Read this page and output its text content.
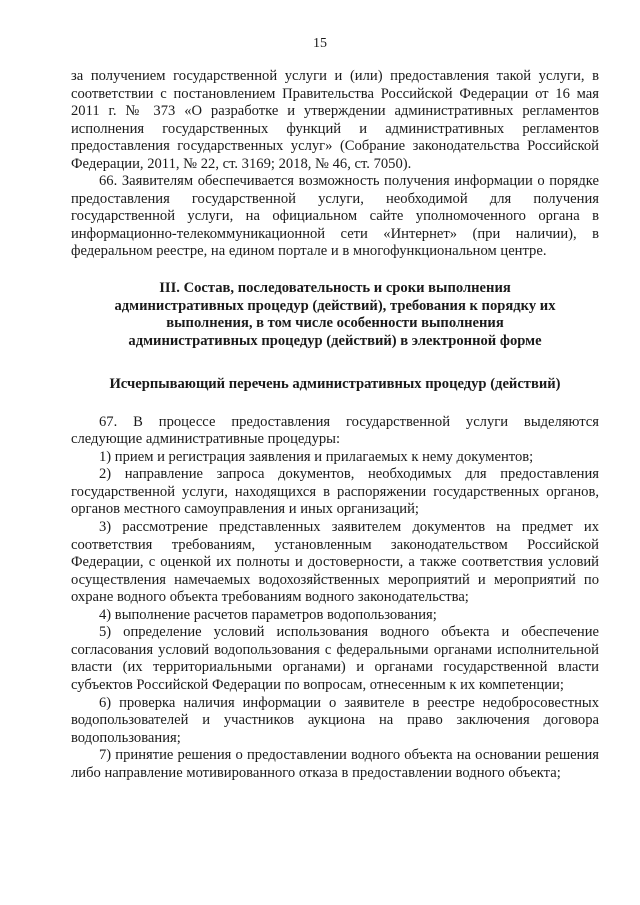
15

за получением государственной услуги и (или) предоставления такой услуги, в соответствии с постановлением Правительства Российской Федерации от 16 мая 2011 г. № 373 «О разработке и утверждении административных регламентов исполнения государственных функций и административных регламентов предоставления государственных услуг» (Собрание законодательства Российской Федерации, 2011, № 22, ст. 3169; 2018, № 46, ст. 7050).

66. Заявителям обеспечивается возможность получения информации о порядке предоставления государственной услуги, необходимой для получения государственной услуги, на официальном сайте уполномоченного органа в информационно-телекоммуникационной сети «Интернет» (при наличии), в федеральном реестре, на едином портале и в многофункциональном центре.

III. Состав, последовательность и сроки выполнения административных процедур (действий), требования к порядку их выполнения, в том числе особенности выполнения административных процедур (действий) в электронной форме

Исчерпывающий перечень административных процедур (действий)

67. В процессе предоставления государственной услуги выделяются следующие административные процедуры:

1) прием и регистрация заявления и прилагаемых к нему документов;

2) направление запроса документов, необходимых для предоставления государственной услуги, находящихся в распоряжении государственных органов, органов местного самоуправления и иных организаций;

3) рассмотрение представленных заявителем документов на предмет их соответствия требованиям, установленным законодательством Российской Федерации, с оценкой их полноты и достоверности, а также соответствия условий осуществления намечаемых водохозяйственных мероприятий и мероприятий по охране водного объекта требованиям водного законодательства;

4) выполнение расчетов параметров водопользования;

5) определение условий использования водного объекта и обеспечение согласования условий водопользования с федеральными органами исполнительной власти (их территориальными органами) и органами государственной власти субъектов Российской Федерации по вопросам, отнесенным к их компетенции;

6) проверка наличия информации о заявителе в реестре недобросовестных водопользователей и участников аукциона на право заключения договора водопользования;

7) принятие решения о предоставлении водного объекта на основании решения либо направление мотивированного отказа в предоставлении водного объекта;
